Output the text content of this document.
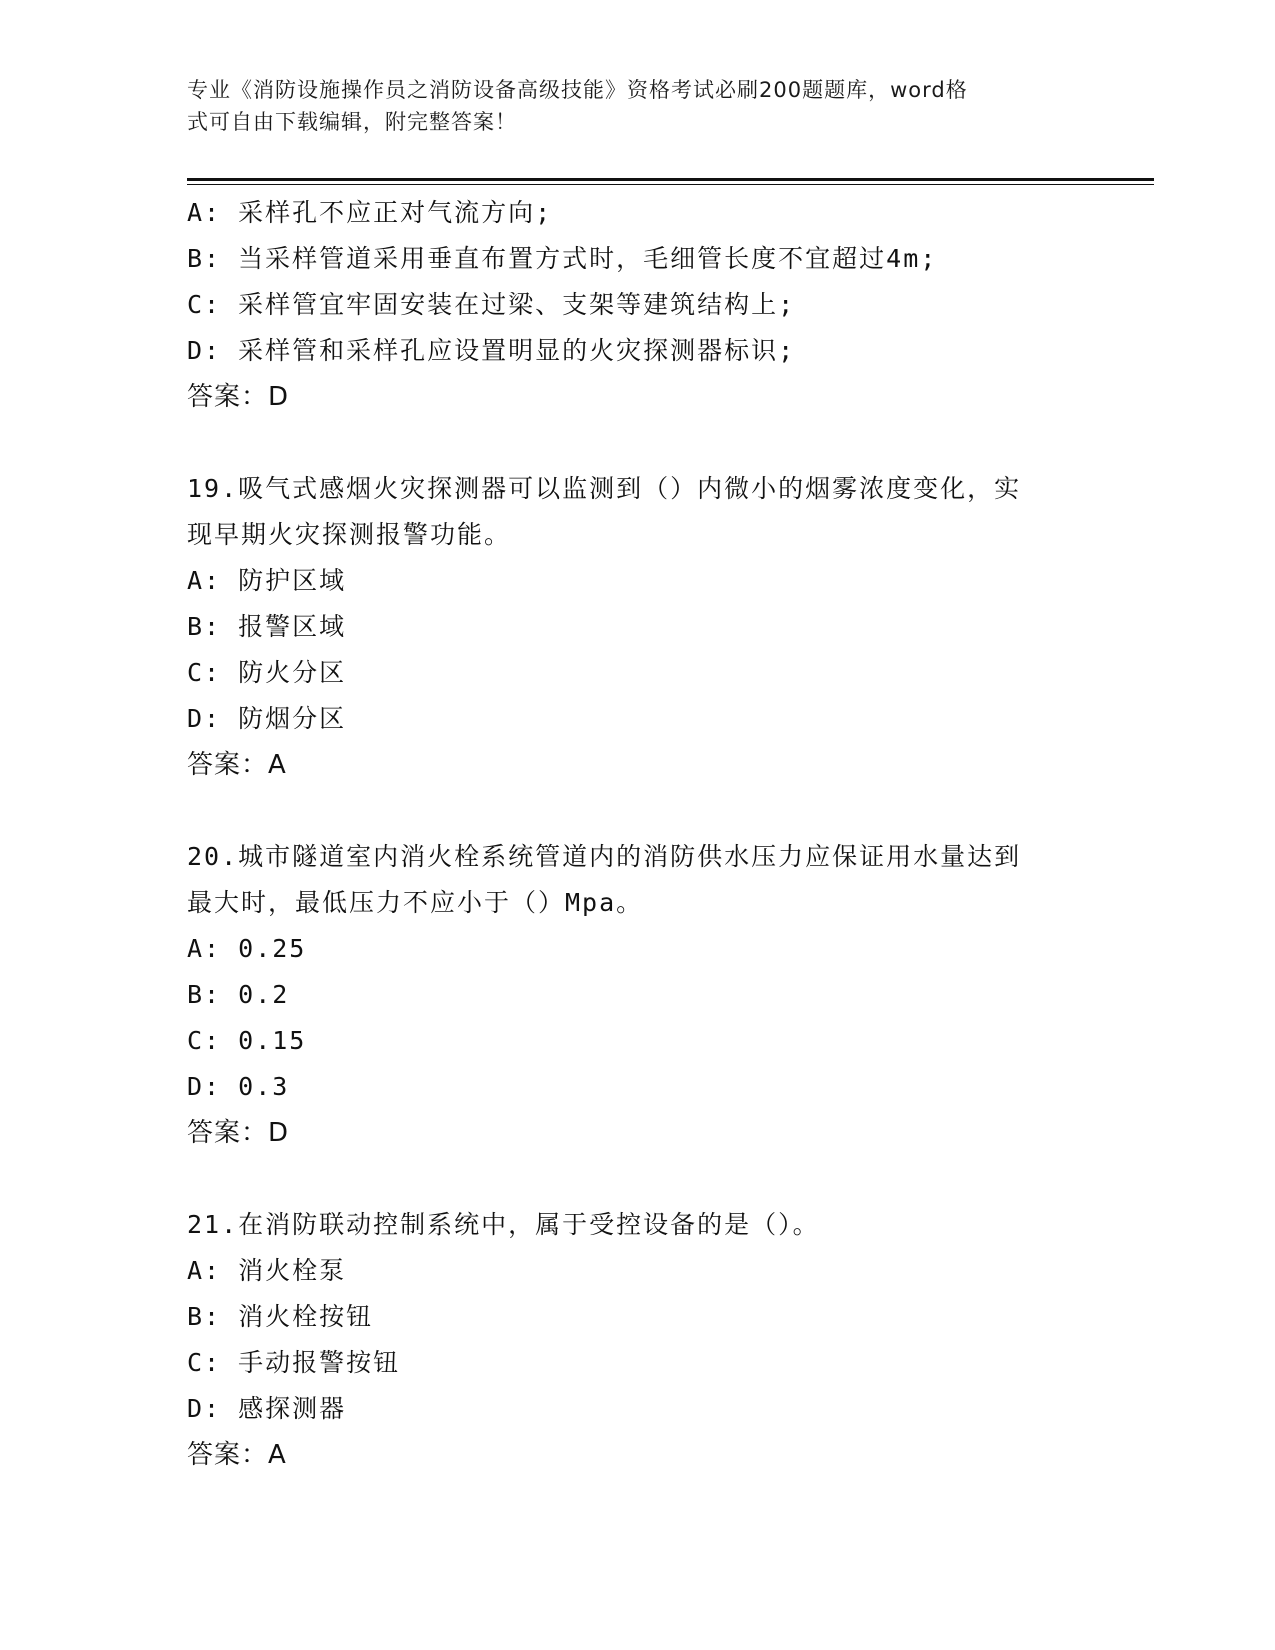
专业《消防设施操作员之消防设备高级技能》资格考试必刷200题题库，word格
式可自由下载编辑，附完整答案！
A: 采样孔不应正对气流方向;
B: 当采样管道采用垂直布置方式时，毛细管长度不宜超过4m;
C: 采样管宜牢固安装在过梁、支架等建筑结构上;
D: 采样管和采样孔应设置明显的火灾探测器标识;
答案：D
19.吸气式感烟火灾探测器可以监测到（）内微小的烟雾浓度变化，实
现早期火灾探测报警功能。
A: 防护区域
B: 报警区域
C: 防火分区
D: 防烟分区
答案：A
20.城市隧道室内消火栓系统管道内的消防供水压力应保证用水量达到
最大时，最低压力不应小于（）Mpa。
A: 0.25
B: 0.2
C: 0.15
D: 0.3
答案：D
21.在消防联动控制系统中，属于受控设备的是（）。
A: 消火栓泵
B: 消火栓按钮
C: 手动报警按钮
D: 感探测器
答案：A
